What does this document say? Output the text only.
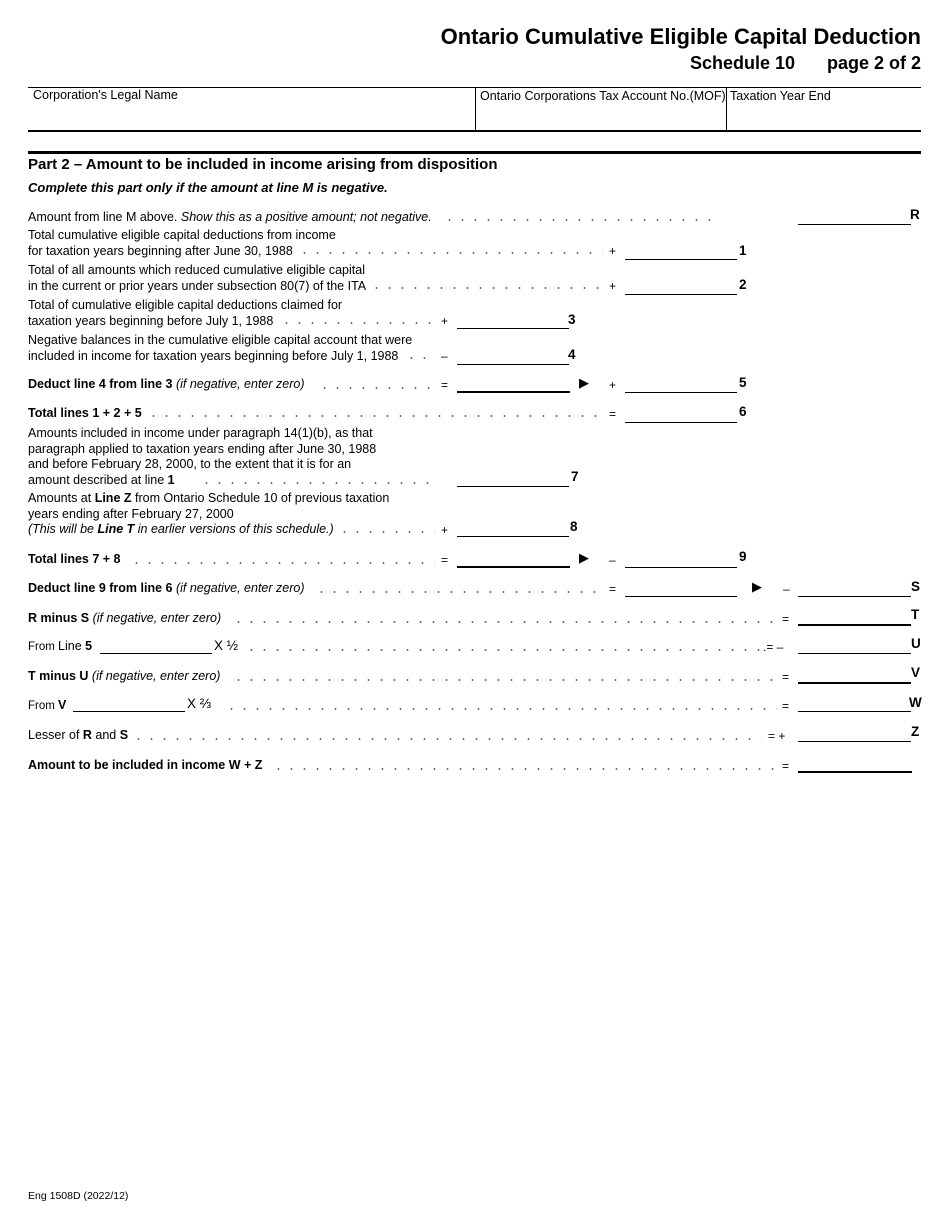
Ontario Cumulative Eligible Capital Deduction
Schedule 10 page 2 of 2
Corporation's Legal Name	Ontario Corporations Tax Account No.(MOF) Taxation Year End
Part 2 – Amount to be included in income arising from disposition
Complete this part only if the amount at line M is negative.
Amount from line M above. Show this as a positive amount; not negative.	R
Total cumulative eligible capital deductions from income
for taxation years beginning after June 30, 1988	+	1
Total of all amounts which reduced cumulative eligible capital
in the current or prior years under subsection 80(7) of the ITA	+	2
Total of cumulative eligible capital deductions claimed for
taxation years beginning before July 1, 1988	+	3
Negative balances in the cumulative eligible capital account that were
included in income for taxation years beginning before July 1, 1988	–	4
Deduct line 4 from line 3 (if negative, enter zero)	=	▶ +	5
Total lines 1 + 2 + 5	=	6
Amounts included in income under paragraph 14(1)(b), as that
paragraph applied to taxation years ending after June 30, 1988
and before February 28, 2000, to the extent that it is for an
amount described at line 1	7
Amounts at Line Z from Ontario Schedule 10 of previous taxation
years ending after February 27, 2000
(This will be Line T in earlier versions of this schedule.)	+	8
Total lines 7 + 8	=	▶ –	9
Deduct line 9 from line 6 (if negative, enter zero)	=	▶ –	S
R minus S (if negative, enter zero)	=	T
From Line 5	X ½	.= –	U
T minus U (if negative, enter zero)	=	V
From V	X ⅔	=	W
Lesser of R and S	= +	Z
Amount to be included in income W + Z	=
Eng 1508D (2022/12)
